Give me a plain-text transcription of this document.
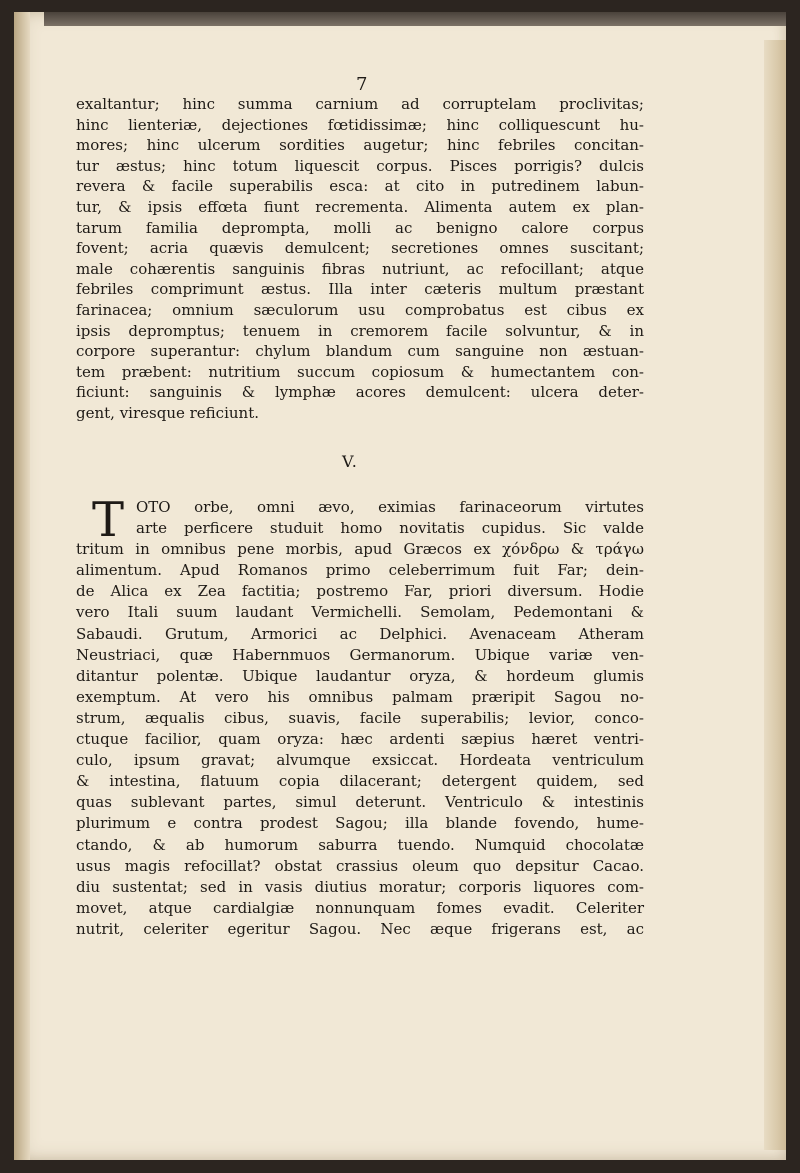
7
exaltantur; hinc summa carnium ad corruptelam proclivitas;
hinc lienteriæ, dejectiones fœtidissimæ; hinc colliquescunt hu-
mores; hinc ulcerum sordities augetur; hinc febriles concitan-
tur æstus; hinc totum liquescit corpus. Pisces porrigis? dulcis
revera & facile superabilis esca: at cito in putredinem labun-
tur, & ipsis effœta fiunt recrementa. Alimenta autem ex plan-
tarum familia deprompta, molli ac benigno calore corpus
fovent; acria quævis demulcent; secretiones omnes suscitant;
male cohærentis sanguinis fibras nutriunt, ac refocillant; atque
febriles comprimunt æstus. Illa inter cæteris multum præstant
farinacea; omnium sæculorum usu comprobatus est cibus ex
ipsis depromptus; tenuem in cremorem facile solvuntur, & in
corpore superantur: chylum blandum cum sanguine non æstuan-
tem præbent: nutritium succum copiosum & humectantem con-
ficiunt: sanguinis & lymphæ acores demulcent: ulcera deter-
gent, viresque reficiunt.
V.
T OTO orbe, omni ævo, eximias farinaceorum virtutes
arte perficere studuit homo novitatis cupidus. Sic valde
tritum in omnibus pene morbis, apud Græcos ex χόνδρω & τράγω
alimentum. Apud Romanos primo celeberrimum fuit Far; dein-
de Alica ex Zea factitia; postremo Far, priori diversum. Hodie
vero Itali suum laudant Vermichelli. Semolam, Pedemontani &
Sabaudi. Grutum, Armorici ac Delphici. Avenaceam Atheram
Neustriaci, quæ Habernmuos Germanorum. Ubique variæ ven-
ditantur polentæ. Ubique laudantur oryza, & hordeum glumis
exemptum. At vero his omnibus palmam præripit Sagou no-
strum, æqualis cibus, suavis, facile superabilis; levior, conco-
ctuque facilior, quam oryza: hæc ardenti sæpius hæret ventri-
culo, ipsum gravat; alvumque exsiccat. Hordeata ventriculum
& intestina, flatuum copia dilacerant; detergent quidem, sed
quas sublevant partes, simul deterunt. Ventriculo & intestinis
plurimum e contra prodest Sagou; illa blande fovendo, hume-
ctando, & ab humorum saburra tuendo. Numquid chocolatæ
usus magis refocillat? obstat crassius oleum quo depsitur Cacao.
diu sustentat; sed in vasis diutius moratur; corporis liquores com-
movet, atque cardialgiæ nonnunquam fomes evadit. Celeriter
nutrit, celeriter egeritur Sagou. Nec æque frigerans est, ac
